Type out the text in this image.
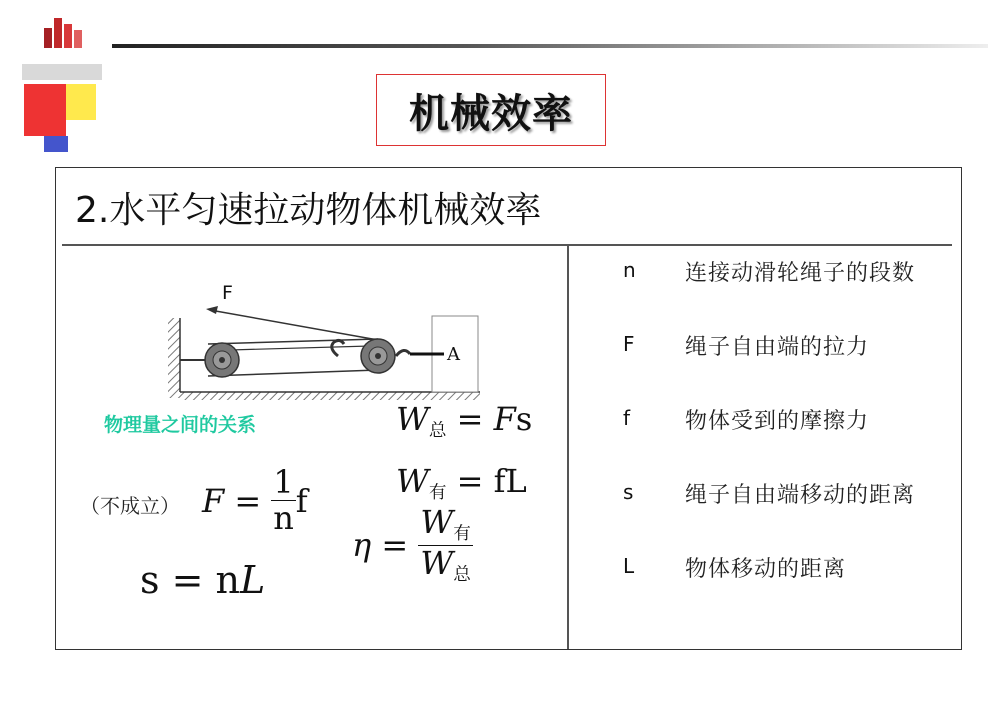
机械效率
2.水平匀速拉动物体机械效率
F
A
物理量之间的关系	$W_总 = Fs$
$W_有$ = fL
（不成立） $F = \frac{1}{n}$ f
s = nL
$\eta = \frac{W_有}{W_总}$
n 连接动滑轮绳子的段数
F 绳子自由端的拉力
f 物体受到的摩擦力
s 绳子自由端移动的距离
L 物体移动的距离
